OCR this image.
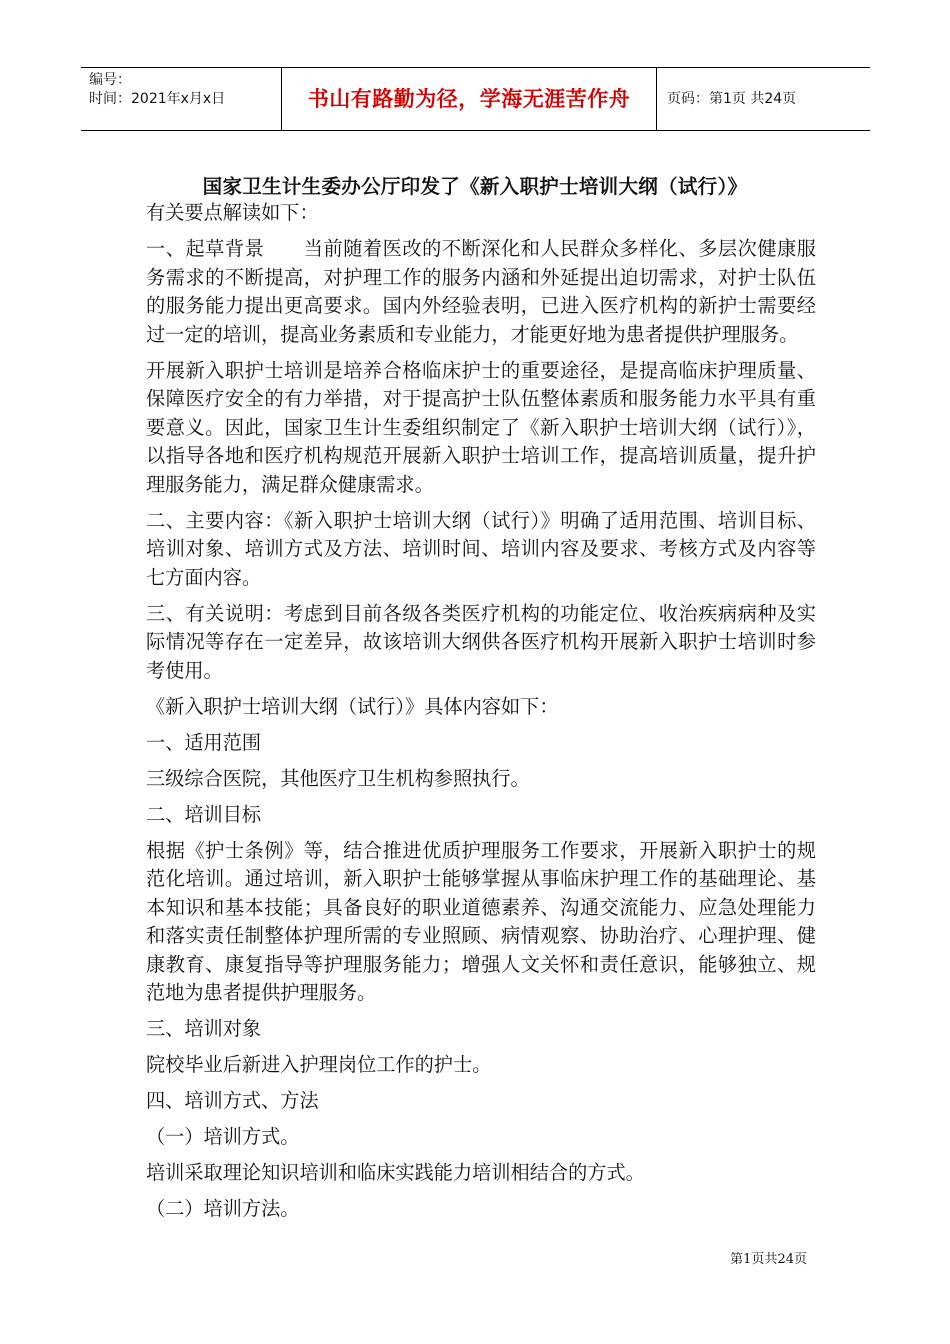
编号：
时间：2021年x月x日	书山有路勤为径，学海无涯苦作舟	页码：第1页 共24页
国家卫生计生委办公厅印发了《新入职护士培训大纲（试行）》

有关要点解读如下：

一、起草背景　　当前随着医改的不断深化和人民群众多样化、多层次健康服务需求的不断提高，对护理工作的服务内涵和外延提出迫切需求，对护士队伍的服务能力提出更高要求。国内外经验表明，已进入医疗机构的新护士需要经过一定的培训，提高业务素质和专业能力，才能更好地为患者提供护理服务。

开展新入职护士培训是培养合格临床护士的重要途径，是提高临床护理质量、保障医疗安全的有力举措，对于提高护士队伍整体素质和服务能力水平具有重要意义。因此，国家卫生计生委组织制定了《新入职护士培训大纲（试行）》，以指导各地和医疗机构规范开展新入职护士培训工作，提高培训质量，提升护理服务能力，满足群众健康需求。

二、主要内容：《新入职护士培训大纲（试行）》明确了适用范围、培训目标、培训对象、培训方式及方法、培训时间、培训内容及要求、考核方式及内容等七方面内容。

三、有关说明：考虑到目前各级各类医疗机构的功能定位、收治疾病病种及实际情况等存在一定差异，故该培训大纲供各医疗机构开展新入职护士培训时参考使用。

《新入职护士培训大纲（试行）》具体内容如下：

一、适用范围

三级综合医院，其他医疗卫生机构参照执行。

二、培训目标

根据《护士条例》等，结合推进优质护理服务工作要求，开展新入职护士的规范化培训。通过培训，新入职护士能够掌握从事临床护理工作的基础理论、基本知识和基本技能；具备良好的职业道德素养、沟通交流能力、应急处理能力和落实责任制整体护理所需的专业照顾、病情观察、协助治疗、心理护理、健康教育、康复指导等护理服务能力；增强人文关怀和责任意识，能够独立、规范地为患者提供护理服务。

三、培训对象

院校毕业后新进入护理岗位工作的护士。

四、培训方式、方法

（一）培训方式。

培训采取理论知识培训和临床实践能力培训相结合的方式。

（二）培训方法。

第1页共24页
